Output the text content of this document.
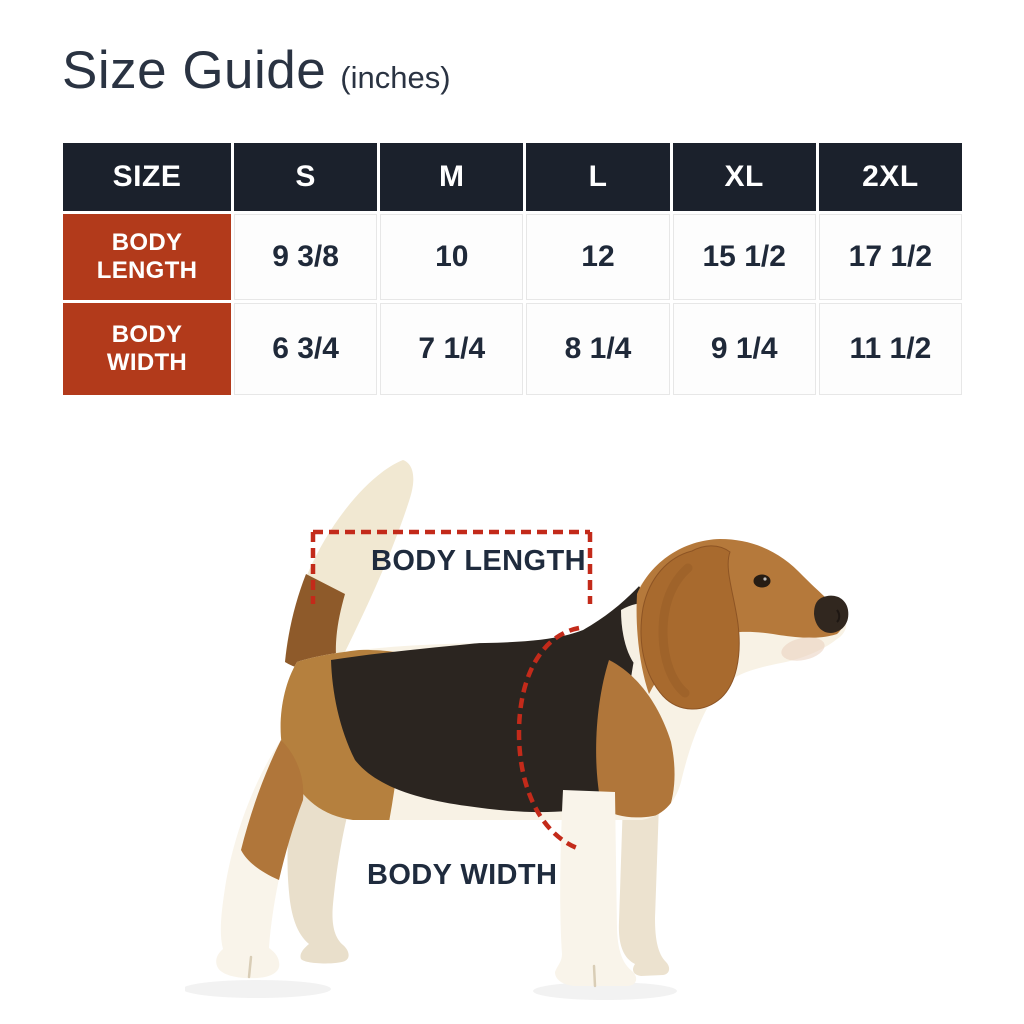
Size Guide (inches)
SIZE	S	M	L	XL	2XL
BODY LENGTH	9 3/8	10	12	15 1/2	17 1/2
BODY WIDTH	6 3/4	7 1/4	8 1/4	9 1/4	11 1/2
BODY LENGTH
BODY WIDTH
